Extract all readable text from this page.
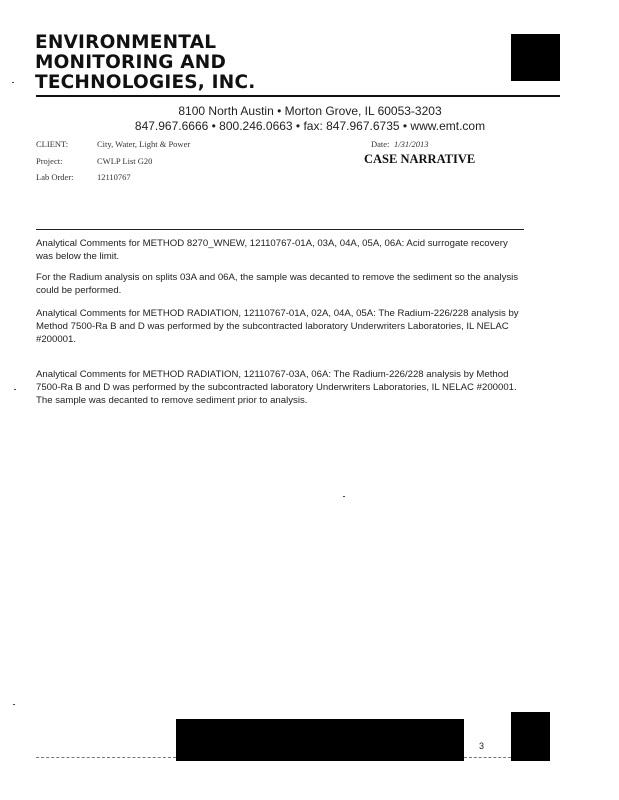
ENVIRONMENTAL
MONITORING AND
TECHNOLOGIES, INC.
8100 North Austin • Morton Grove, IL 60053-3203
847.967.6666 • 800.246.0663 • fax: 847.967.6735 • www.emt.com
CLIENT:	City, Water, Light & Power
Project:	CWLP List G20
Lab Order:	12110767
Date: 1/31/2013
CASE NARRATIVE
Analytical Comments for METHOD 8270_WNEW, 12110767-01A, 03A, 04A, 05A, 06A: Acid surrogate recovery was below the limit.
For the Radium analysis on splits 03A and 06A, the sample was decanted to remove the sediment so the analysis could be performed.
Analytical Comments for METHOD RADIATION, 12110767-01A, 02A, 04A, 05A: The Radium-226/228 analysis by Method 7500-Ra B and D was performed by the subcontracted laboratory Underwriters Laboratories, IL NELAC #200001.
Analytical Comments for METHOD RADIATION, 12110767-03A, 06A: The Radium-226/228 analysis by Method 7500-Ra B and D was performed by the subcontracted laboratory Underwriters Laboratories, IL NELAC #200001. The sample was decanted to remove sediment prior to analysis.
3
